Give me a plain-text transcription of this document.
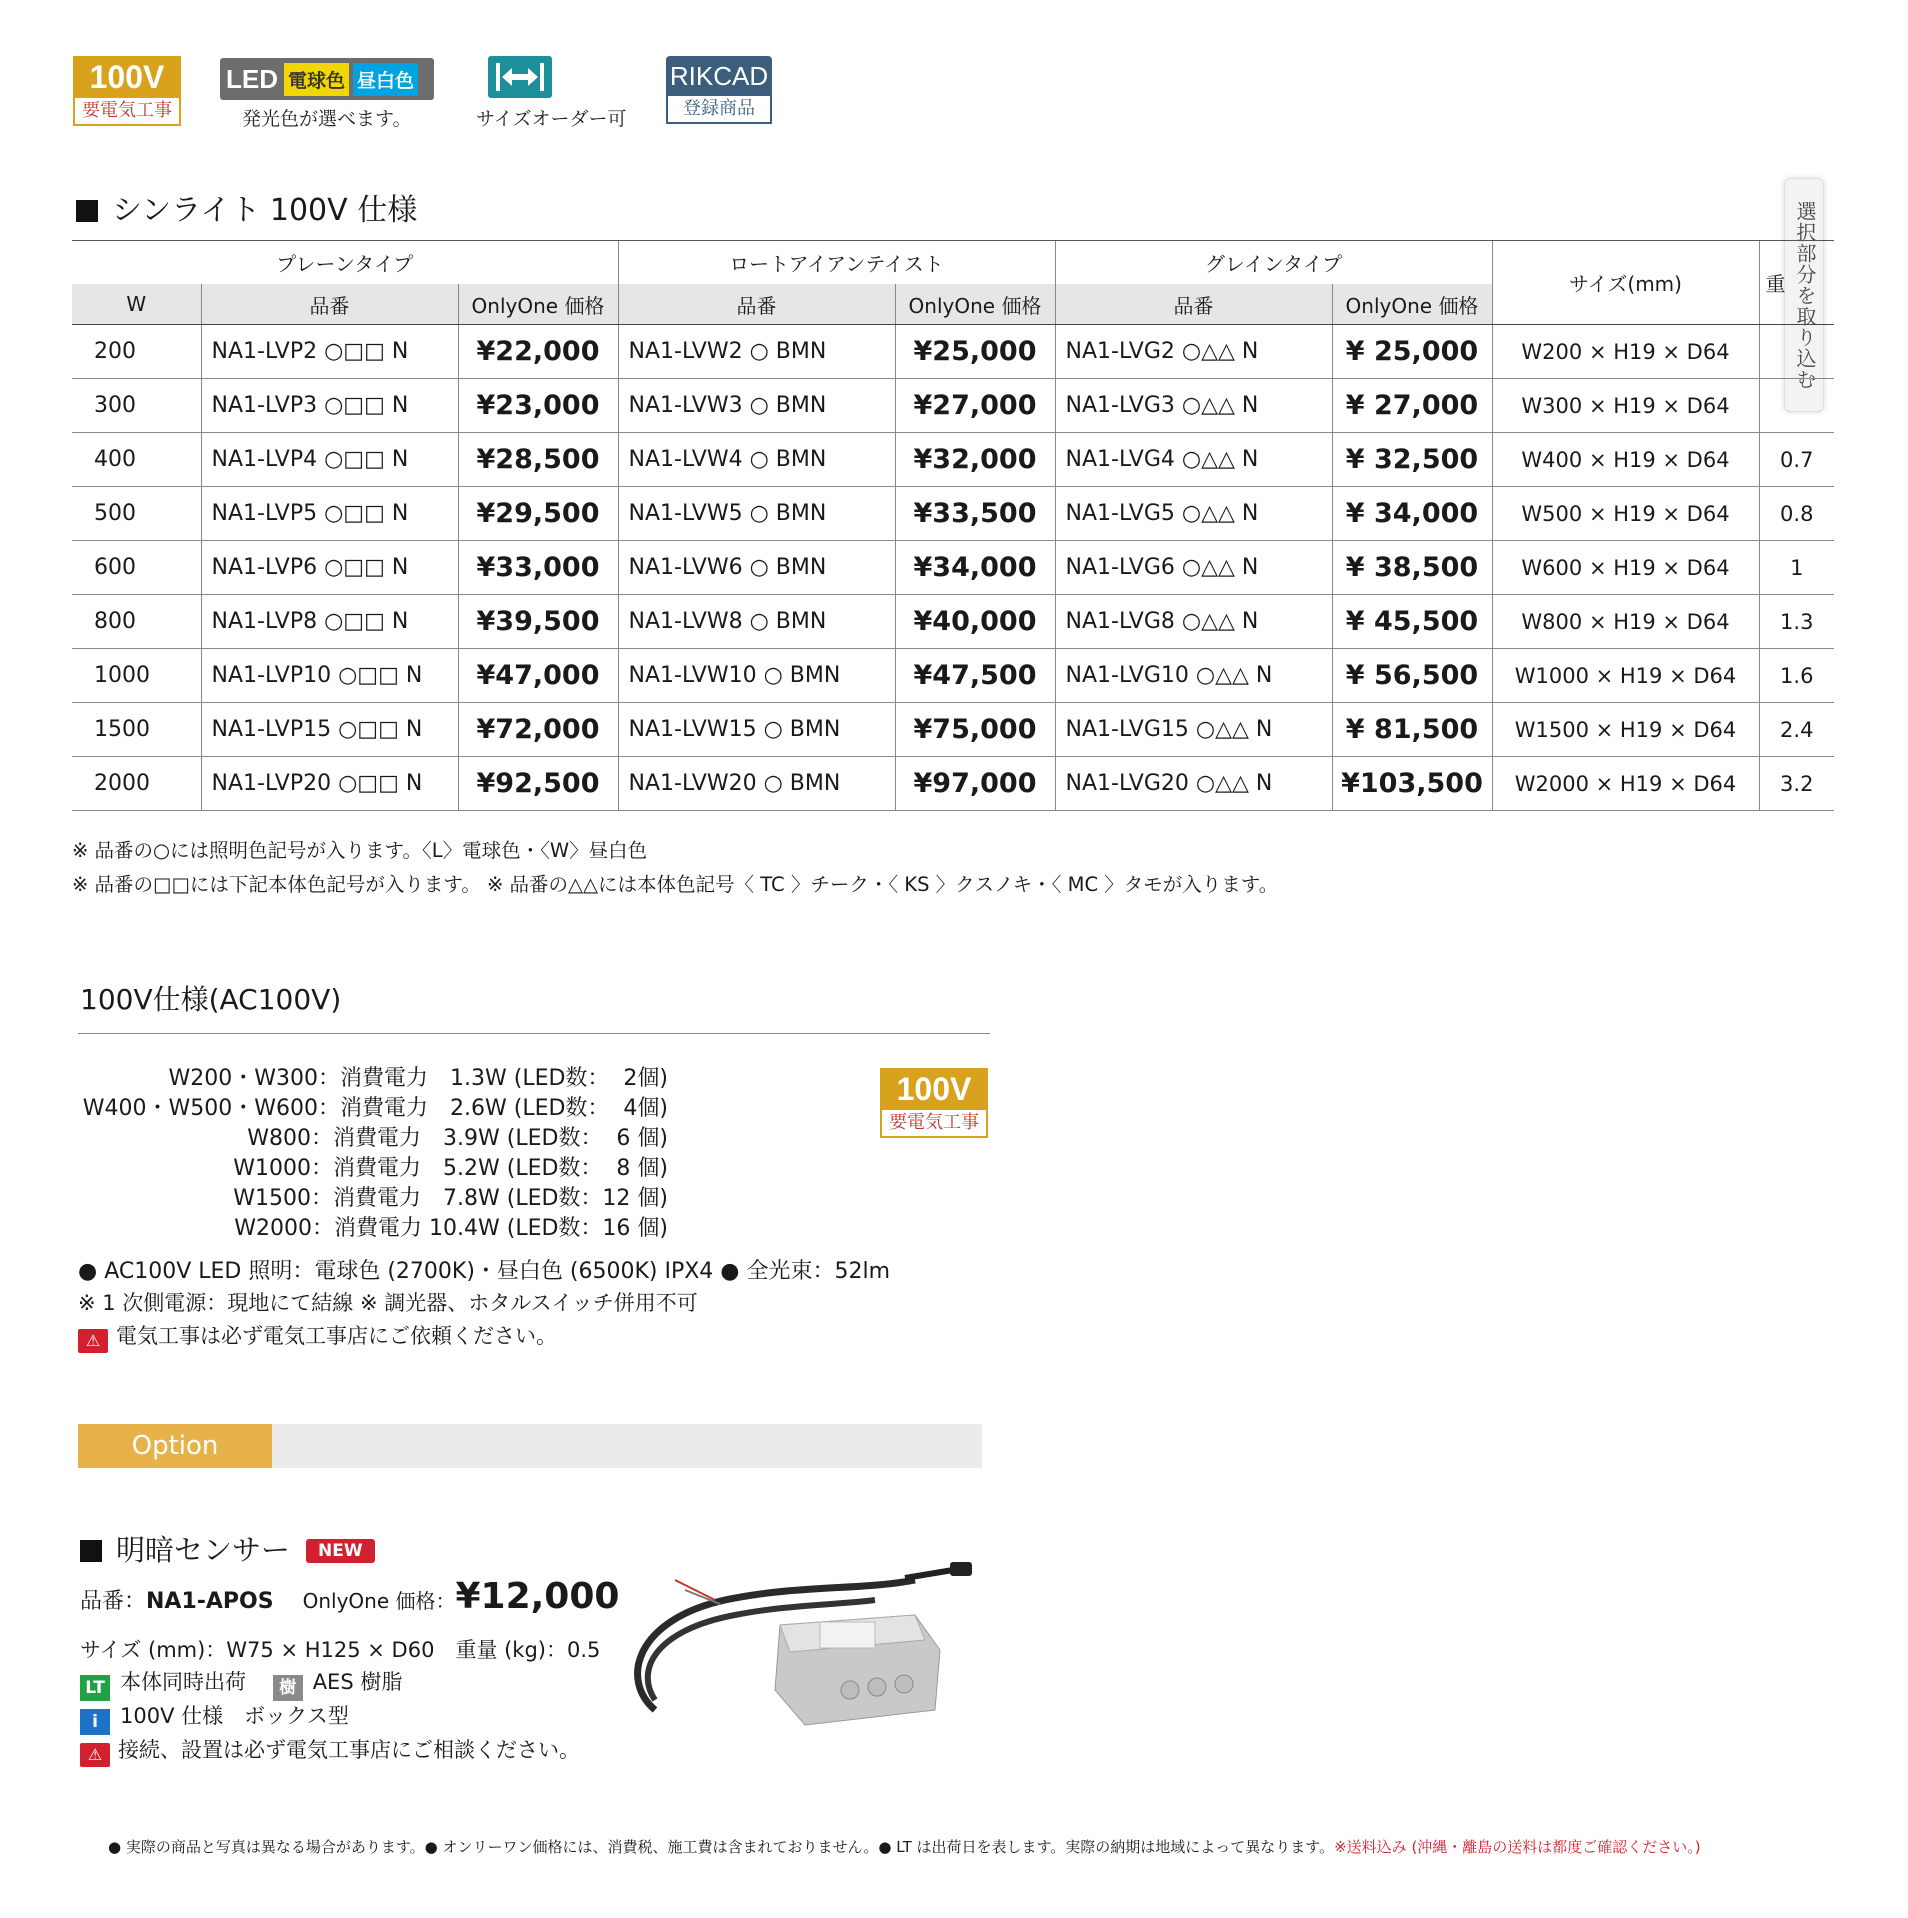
100V
要電気工事
LED 電球色 昼白色
発光色が選べます。	サイズオーダー可
RIKCAD
登録商品
シンライト 100V 仕様	選択部分を取り込む
プレーンタイプ			ロートアイアンテイスト		グレインタイプ		サイズ(mm)	重
W	品番	OnlyOne 価格	品番	OnlyOne 価格	品番	OnlyOne 価格		
200	NA1-LVP2 ○□□ N	¥22,000	NA1-LVW2 ○ BMN	¥25,000	NA1-LVG2 ○△△ N	¥ 25,000	W200 × H19 × D64	
300	NA1-LVP3 ○□□ N	¥23,000	NA1-LVW3 ○ BMN	¥27,000	NA1-LVG3 ○△△ N	¥ 27,000	W300 × H19 × D64	
400	NA1-LVP4 ○□□ N	¥28,500	NA1-LVW4 ○ BMN	¥32,000	NA1-LVG4 ○△△ N	¥ 32,500	W400 × H19 × D64	0.7
500	NA1-LVP5 ○□□ N	¥29,500	NA1-LVW5 ○ BMN	¥33,500	NA1-LVG5 ○△△ N	¥ 34,000	W500 × H19 × D64	0.8
600	NA1-LVP6 ○□□ N	¥33,000	NA1-LVW6 ○ BMN	¥34,000	NA1-LVG6 ○△△ N	¥ 38,500	W600 × H19 × D64	1
800	NA1-LVP8 ○□□ N	¥39,500	NA1-LVW8 ○ BMN	¥40,000	NA1-LVG8 ○△△ N	¥ 45,500	W800 × H19 × D64	1.3
1000	NA1-LVP10 ○□□ N	¥47,000	NA1-LVW10 ○ BMN	¥47,500	NA1-LVG10 ○△△ N	¥ 56,500	W1000 × H19 × D64	1.6
1500	NA1-LVP15 ○□□ N	¥72,000	NA1-LVW15 ○ BMN	¥75,000	NA1-LVG15 ○△△ N	¥ 81,500	W1500 × H19 × D64	2.4
2000	NA1-LVP20 ○□□ N	¥92,500	NA1-LVW20 ○ BMN	¥97,000	NA1-LVG20 ○△△ N	¥103,500	W2000 × H19 × D64	3.2
※ 品番の○には照明色記号が入ります。〈L〉電球色・〈W〉昼白色
※ 品番の□□には下記本体色記号が入ります。 ※ 品番の△△には本体色記号〈 TC 〉チーク・〈 KS 〉クスノキ・〈 MC 〉タモが入ります。
100V仕様(AC100V)
W200・W300：消費電力　1.3W (LED数：  2個)
W400・W500・W600：消費電力　2.6W (LED数：  4個)
W800：消費電力　3.9W (LED数：  6 個)
W1000：消費電力　5.2W (LED数：  8 個)
W1500：消費電力　7.8W (LED数：12 個)
W2000：消費電力 10.4W (LED数：16 個)
100V
要電気工事
● AC100V LED 照明：電球色 (2700K)・昼白色 (6500K) IPX4 ● 全光束：52lm
※ 1 次側電源：現地にて結線 ※ 調光器、ホタルスイッチ併用不可
⚠ 電気工事は必ず電気工事店にご依頼ください。
Option
明暗センサー NEW
品番：NA1-APOS OnlyOne 価格：¥12,000
サイズ (mm)：W75 × H125 × D60　重量 (kg)：0.5
LT 本体同時出荷 樹 AES 樹脂
i 100V 仕様　ボックス型
⚠ 接続、設置は必ず電気工事店にご相談ください。
● 実際の商品と写真は異なる場合があります。● オンリーワン価格には、消費税、施工費は含まれておりません。● LT は出荷日を表します。実際の納期は地域によって異なります。※送料込み (沖縄・離島の送料は都度ご確認ください。)
